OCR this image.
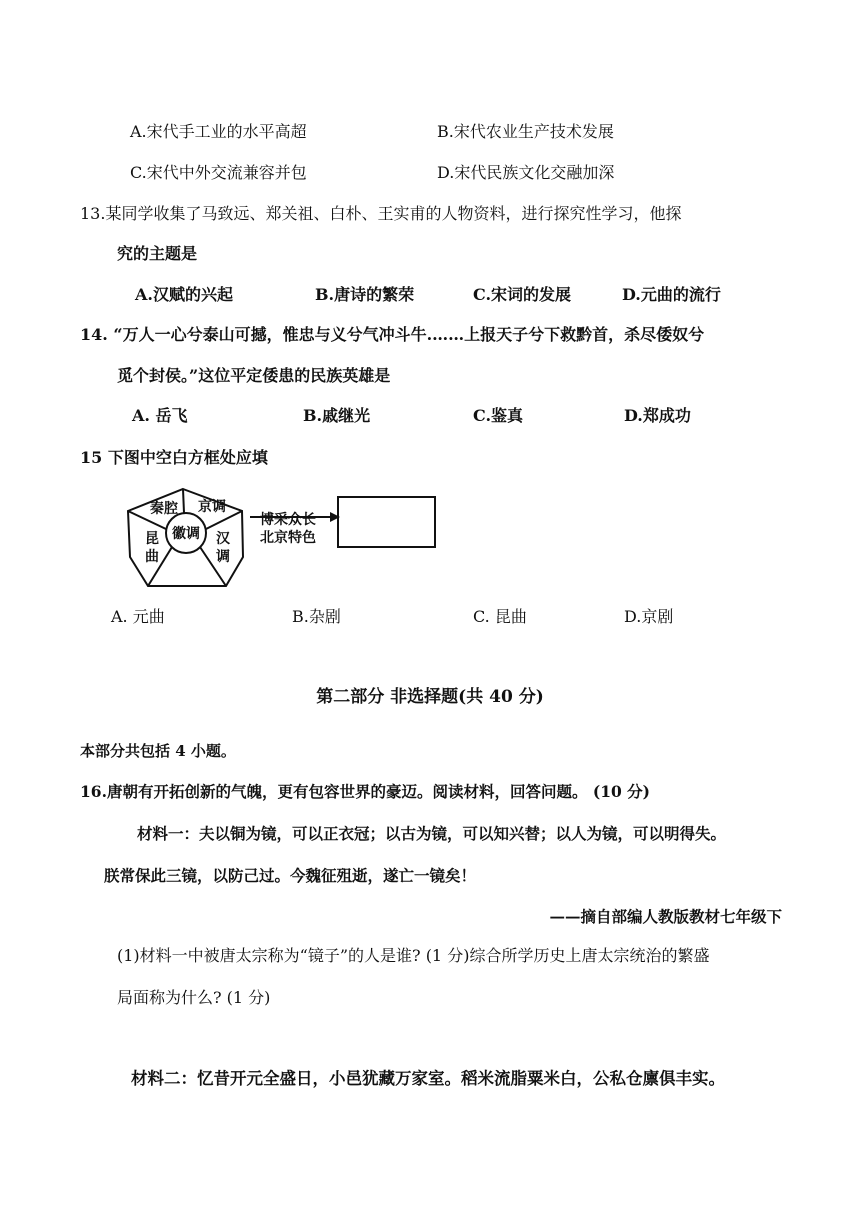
A.宋代手工业的水平高超	B.宋代农业生产技术发展
C.宋代中外交流兼容并包	D.宋代民族文化交融加深
13.某同学收集了马致远、郑关祖、白朴、王实甫的人物资料，进行探究性学习，他探
究的主题是
A.汉赋的兴起	B.唐诗的繁荣	C.宋词的发展	D.元曲的流行
14. “万人一心兮泰山可撼，惟忠与义兮气冲斗牛.……上报天子兮下救黔首，杀尽倭奴兮
觅个封侯。”这位平定倭患的民族英雄是
A. 岳飞	B.戚继光	C.鉴真	D.郑成功
15 下图中空白方框处应填
秦腔 京调
徽调 汉调
昆曲
博采众长
北京特色
A. 元曲	B.杂剧	C. 昆曲	D.京剧
第二部分 非选择题(共 40 分)
本部分共包括 4 小题。
16.唐朝有开拓创新的气魄，更有包容世界的豪迈。阅读材料，回答问题。 (10 分)
材料一：夫以铜为镜，可以正衣冠；以古为镜，可以知兴替；以人为镜，可以明得失。
朕常保此三镜，以防己过。今魏征殂逝，遂亡一镜矣！
——摘自部编人教版教材七年级下
(1)材料一中被唐太宗称为“镜子”的人是谁? (1 分)综合所学历史上唐太宗统治的繁盛
局面称为什么? (1 分)
材料二：忆昔开元全盛日，小邑犹藏万家室。稻米流脂粟米白，公私仓廪俱丰实。
